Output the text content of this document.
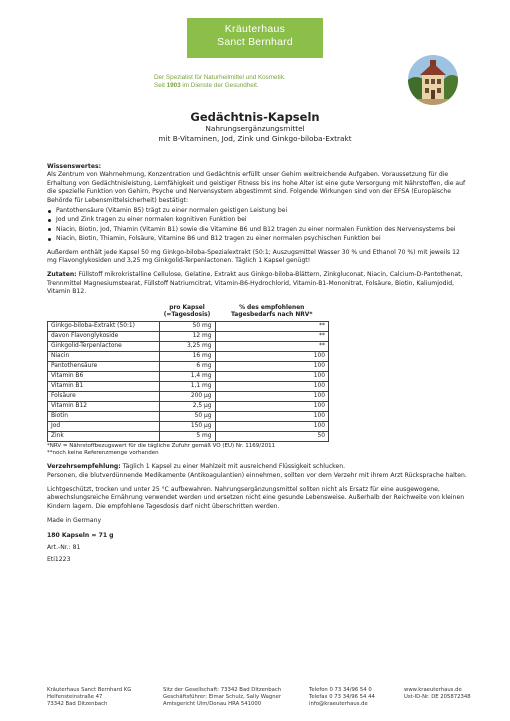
Kräuterhaus
Sanct Bernhard
Der Spezialist für Naturheilmittel und Kosmetik.
Seit 1903 im Dienste der Gesundheit.
Gedächtnis-Kapseln
Nahrungsergänzungsmittel
mit B-Vitaminen, Jod, Zink und Ginkgo-biloba-Extrakt

Wissenswertes:

Als Zentrum von Wahrnehmung, Konzentration und Gedächtnis erfüllt unser Gehirn weitreichende Aufgaben. Voraussetzung für die Erhaltung von Gedächtnisleistung, Lernfähigkeit und geistiger Fitness bis ins hohe Alter ist eine gute Versorgung mit Nährstoffen, die auf die spezielle Funktion von Gehirn, Psyche und Nervensystem abgestimmt sind. Folgende Wirkungen sind von der EFSA (Europäische Behörde für Lebensmittelsicherheit) bestätigt:

Pantothensäure (Vitamin B5) trägt zu einer normalen geistigen Leistung bei
Jod und Zink tragen zu einer normalen kognitiven Funktion bei
Niacin, Biotin, Jod, Thiamin (Vitamin B1) sowie die Vitamine B6 und B12 tragen zu einer normalen Funktion des Nervensystems bei
Niacin, Biotin, Thiamin, Folsäure, Vitamine B6 und B12 tragen zu einer normalen psychischen Funktion bei

Außerdem enthält jede Kapsel 50 mg Ginkgo-biloba-Spezialextrakt (50:1; Auszugsmittel Wasser 30 % und Ethanol 70 %) mit jeweils 12 mg Flavonglykosiden und 3,25 mg Ginkgolid-Terpenlactonen. Täglich 1 Kapsel genügt!

Zutaten: Füllstoff mikrokristalline Cellulose, Gelatine, Extrakt aus Ginkgo-biloba-Blättern, Zinkgluconat, Niacin, Calcium-D-Pantothenat, Trennmittel Magnesiumstearat, Füllstoff Natriumcitrat, Vitamin-B6-Hydrochlorid, Vitamin-B1-Mononitrat, Folsäure, Biotin, Kaliumjodid, Vitamin B12.

	pro Kapsel
(=Tagesdosis)	% des empfohlenen
Tagesbedarfs nach NRV*
Ginkgo-biloba-Extrakt (50:1)	50 mg	**
davon Flavonglykoside	12 mg	**
Ginkgolid-Terpenlactone	3,25 mg	**
Niacin	16 mg	100
Pantothensäure	6 mg	100
Vitamin B6	1,4 mg	100
Vitamin B1	1,1 mg	100
Folsäure	200 µg	100
Vitamin B12	2,5 µg	100
Biotin	50 µg	100
Jod	150 µg	100
Zink	5 mg	50
*NRV = Nährstoffbezugswert für die tägliche Zufuhr gemäß VO (EU) Nr. 1169/2011
**noch keine Referenzmenge vorhanden

Verzehrsempfehlung: Täglich 1 Kapsel zu einer Mahlzeit mit ausreichend Flüssigkeit schlucken.

Personen, die blutverdünnende Medikamente (Antikoagulantien) einnehmen, sollten vor dem Verzehr mit ihrem Arzt Rücksprache halten.

Lichtgeschützt, trocken und unter 25 °C aufbewahren. Nahrungsergänzungsmittel sollten nicht als Ersatz für eine ausgewogene, abwechslungsreiche Ernährung verwendet werden und ersetzen nicht eine gesunde Lebensweise. Außerhalb der Reichweite von kleinen Kindern lagern. Die empfohlene Tagesdosis darf nicht überschritten werden.

Made in Germany

180 Kapseln = 71 g

Art.-Nr.: 81

Eti1223

Kräuterhaus Sanct Bernhard KG
Helfensteinstraße 47
73342 Bad Ditzenbach
Sitz der Gesellschaft: 73342 Bad Ditzenbach
Geschäftsführer: Elmar Schulz, Sally Wagner
Amtsgericht Ulm/Donau HRA 541000
Telefon 0 73 34/96 54 0
Telefax 0 73 34/96 54 44
info@kraeuterhaus.de
www.kraeuterhaus.de
Ust-ID-Nr. DE 205872348
